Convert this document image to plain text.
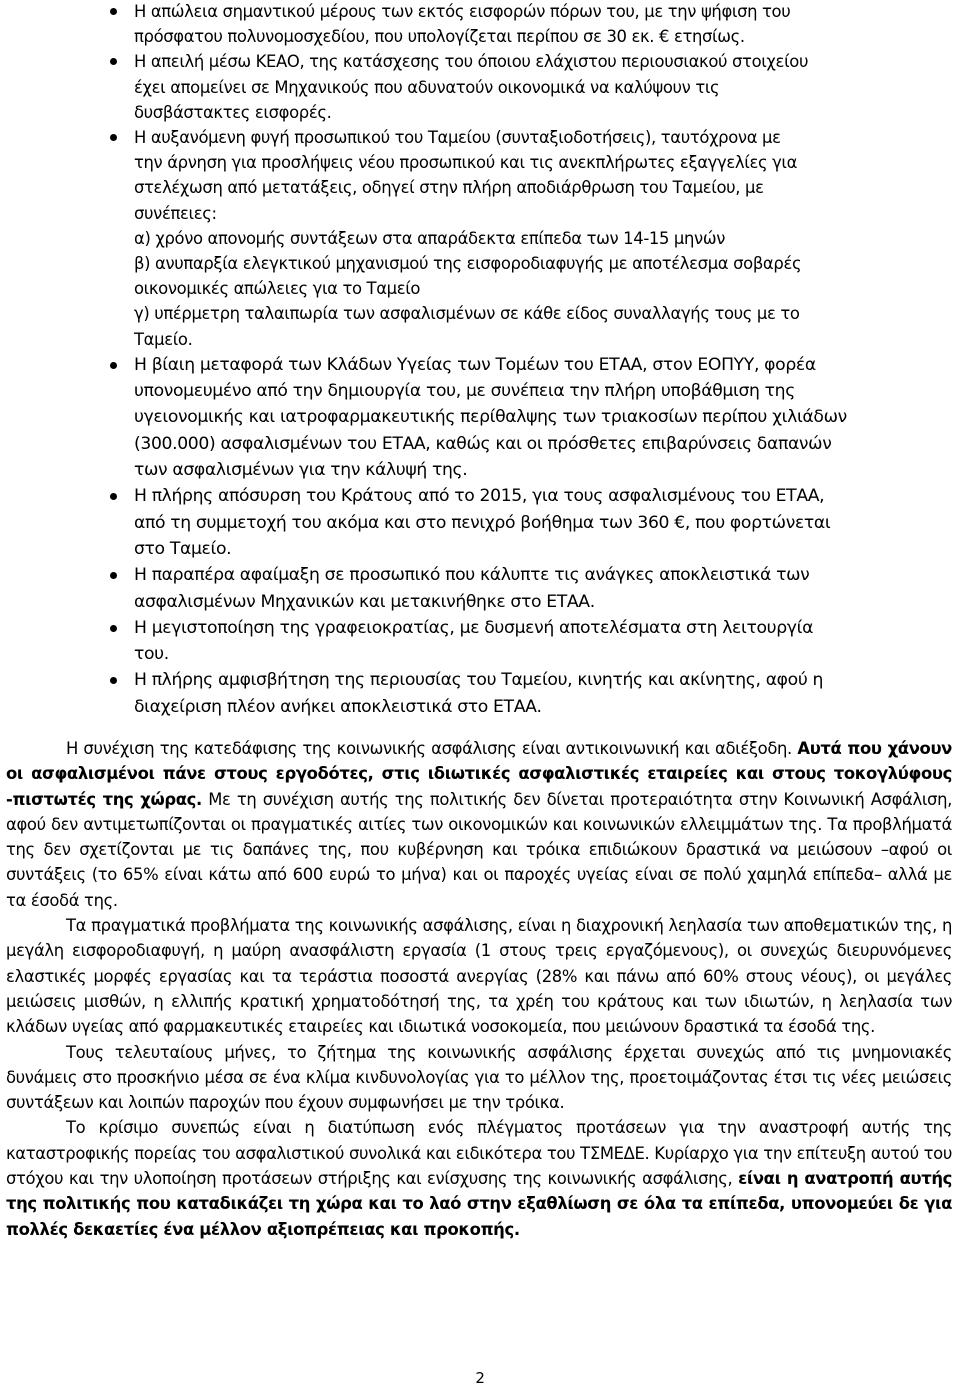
Η απώλεια σημαντικού μέρους των εκτός εισφορών πόρων του, με την ψήφιση του
πρόσφατου πολυνομοσχεδίου, που υπολογίζεται περίπου σε 30 εκ. € ετησίως.
Η απειλή μέσω ΚΕΑΟ, της κατάσχεσης του όποιου ελάχιστου περιουσιακού στοιχείου
έχει απομείνει σε Μηχανικούς που αδυνατούν οικονομικά να καλύψουν τις
δυσβάστακτες εισφορές.
Η αυξανόμενη φυγή προσωπικού του Ταμείου (συνταξιοδοτήσεις), ταυτόχρονα με
την άρνηση για προσλήψεις νέου προσωπικού και τις ανεκπλήρωτες εξαγγελίες για
στελέχωση από μετατάξεις, οδηγεί στην πλήρη αποδιάρθρωση του Ταμείου, με
συνέπειες:
α) χρόνο απονομής συντάξεων στα απαράδεκτα επίπεδα των 14-15 μηνών
β) ανυπαρξία ελεγκτικού μηχανισμού της εισφοροδιαφυγής με αποτέλεσμα σοβαρές
οικονομικές απώλειες για το Ταμείο
γ) υπέρμετρη ταλαιπωρία των ασφαλισμένων σε κάθε είδος συναλλαγής τους με το
Ταμείο.
Η βίαιη μεταφορά των Κλάδων Υγείας των Τομέων του ΕΤΑΑ, στον ΕΟΠΥΥ, φορέα
υπονομευμένο από την δημιουργία του, με συνέπεια την πλήρη υποβάθμιση της
υγειονομικής και ιατροφαρμακευτικής περίθαλψης των τριακοσίων περίπου χιλιάδων
(300.000) ασφαλισμένων του ΕΤΑΑ, καθώς και οι πρόσθετες επιβαρύνσεις δαπανών
των ασφαλισμένων για την κάλυψή της.
Η πλήρης απόσυρση του Κράτους από το 2015, για τους ασφαλισμένους του ΕΤΑΑ,
από τη συμμετοχή του ακόμα και στο πενιχρό βοήθημα των 360 €, που φορτώνεται
στο Ταμείο.
Η παραπέρα αφαίμαξη σε προσωπικό που κάλυπτε τις ανάγκες αποκλειστικά των
ασφαλισμένων Μηχανικών και μετακινήθηκε στο ΕΤΑΑ.
Η μεγιστοποίηση της γραφειοκρατίας, με δυσμενή αποτελέσματα στη λειτουργία
του.
Η πλήρης αμφισβήτηση της περιουσίας του Ταμείου, κινητής και ακίνητης, αφού η
διαχείριση πλέον ανήκει αποκλειστικά στο ΕΤΑΑ.

Η συνέχιση της κατεδάφισης της κοινωνικής ασφάλισης είναι αντικοινωνική και αδιέξοδη. Αυτά που χάνουν οι ασφαλισμένοι πάνε στους εργοδότες, στις ιδιωτικές ασφαλιστικές εταιρείες και στους τοκογλύφους -πιστωτές της χώρας. Με τη συνέχιση αυτής της πολιτικής δεν δίνεται προτεραιότητα στην Κοινωνική Ασφάλιση, αφού δεν αντιμετωπίζονται οι πραγματικές αιτίες των οικονομικών και κοινωνικών ελλειμμάτων της. Τα προβλήματά της δεν σχετίζονται με τις δαπάνες της, που κυβέρνηση και τρόικα επιδιώκουν δραστικά να μειώσουν –αφού οι συντάξεις (το 65% είναι κάτω από 600 ευρώ το μήνα) και οι παροχές υγείας είναι σε πολύ χαμηλά επίπεδα– αλλά με τα έσοδά της.

Τα πραγματικά προβλήματα της κοινωνικής ασφάλισης, είναι η διαχρονική λεηλασία των αποθεματικών της, η μεγάλη εισφοροδιαφυγή, η μαύρη ανασφάλιστη εργασία (1 στους τρεις εργαζόμενους), οι συνεχώς διευρυνόμενες ελαστικές μορφές εργασίας και τα τεράστια ποσοστά ανεργίας (28% και πάνω από 60% στους νέους), οι μεγάλες μειώσεις μισθών, η ελλιπής κρατική χρηματοδότησή της, τα χρέη του κράτους και των ιδιωτών, η λεηλασία των κλάδων υγείας από φαρμακευτικές εταιρείες και ιδιωτικά νοσοκομεία, που μειώνουν δραστικά τα έσοδά της.

Τους τελευταίους μήνες, το ζήτημα της κοινωνικής ασφάλισης έρχεται συνεχώς από τις μνημονιακές δυνάμεις στο προσκήνιο μέσα σε ένα κλίμα κινδυνολογίας για το μέλλον της, προετοιμάζοντας έτσι τις νέες μειώσεις συντάξεων και λοιπών παροχών που έχουν συμφωνήσει με την τρόικα.

Το κρίσιμο συνεπώς είναι η διατύπωση ενός πλέγματος προτάσεων για την αναστροφή αυτής της καταστροφικής πορείας του ασφαλιστικού συνολικά και ειδικότερα του ΤΣΜΕΔΕ. Κυρίαρχο για την επίτευξη αυτού του στόχου και την υλοποίηση προτάσεων στήριξης και ενίσχυσης της κοινωνικής ασφάλισης, είναι η ανατροπή αυτής της πολιτικής που καταδικάζει τη χώρα και το λαό στην εξαθλίωση σε όλα τα επίπεδα, υπονομεύει δε για πολλές δεκαετίες ένα μέλλον αξιοπρέπειας και προκοπής.

2
